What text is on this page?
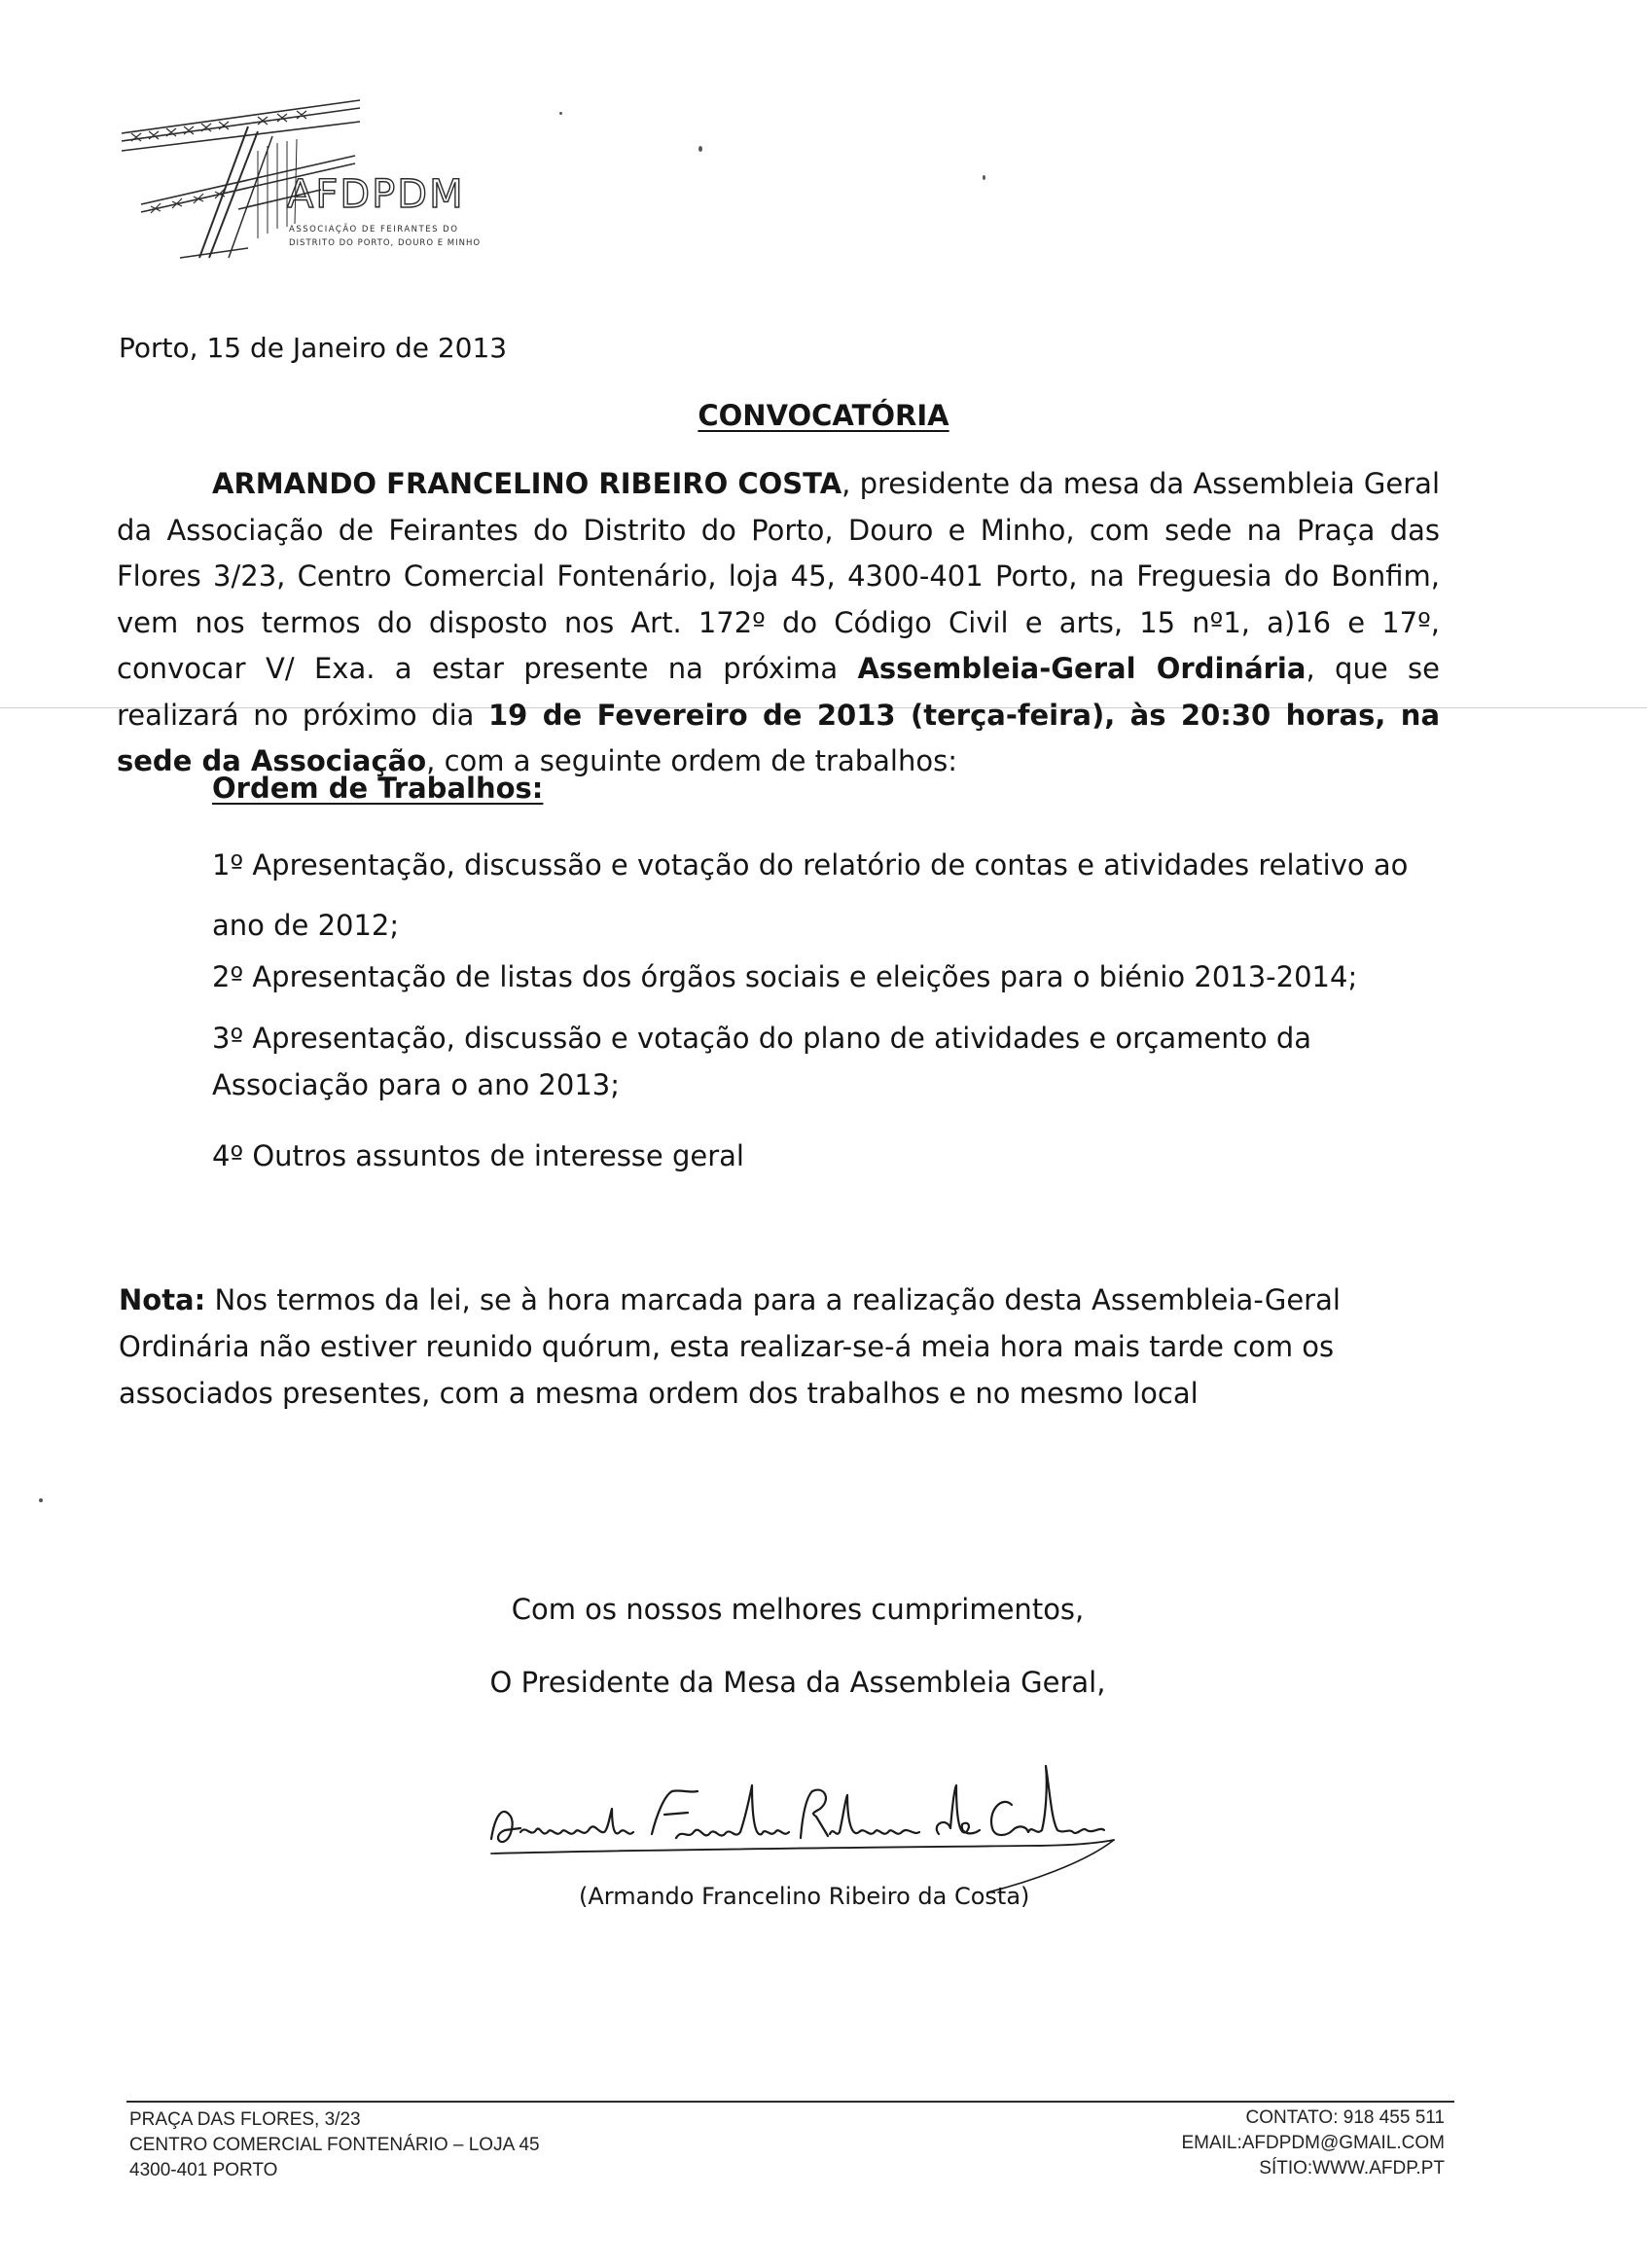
AFDPDM
ASSOCIAÇÃO DE FEIRANTES DO
DISTRITO DO PORTO, DOURO E MINHO
Porto, 15 de Janeiro de 2013
CONVOCATÓRIA
ARMANDO FRANCELINO RIBEIRO COSTA, presidente da mesa da Assembleia Geral da Associação de Feirantes do Distrito do Porto, Douro e Minho, com sede na Praça das Flores 3/23, Centro Comercial Fontenário, loja 45, 4300-401 Porto, na Freguesia do Bonfim, vem nos termos do disposto nos Art. 172º do Código Civil e arts, 15 nº1, a)16 e 17º, convocar V/ Exa. a estar presente na próxima Assembleia-Geral Ordinária, que se realizará no próximo dia 19 de Fevereiro de 2013 (terça-feira), às 20:30 horas, na sede da Associação, com a seguinte ordem de trabalhos:
Ordem de Trabalhos:
1º Apresentação, discussão e votação do relatório de contas e atividades relativo ao ano de 2012;
2º Apresentação de listas dos órgãos sociais e eleições para o biénio 2013-2014;
3º Apresentação, discussão e votação do plano de atividades e orçamento da Associação para o ano 2013;
4º Outros assuntos de interesse geral
Nota: Nos termos da lei, se à hora marcada para a realização desta Assembleia-Geral Ordinária não estiver reunido quórum, esta realizar-se-á meia hora mais tarde com os associados presentes, com a mesma ordem dos trabalhos e no mesmo local
Com os nossos melhores cumprimentos,
O Presidente da Mesa da Assembleia Geral,
(Armando Francelino Ribeiro da Costa)
PRAÇA DAS FLORES, 3/23
CENTRO COMERCIAL FONTENÁRIO – LOJA 45
4300-401 PORTO
CONTATO: 918 455 511
EMAIL:AFDPDM@GMAIL.COM
SÍTIO:WWW.AFDP.PT
